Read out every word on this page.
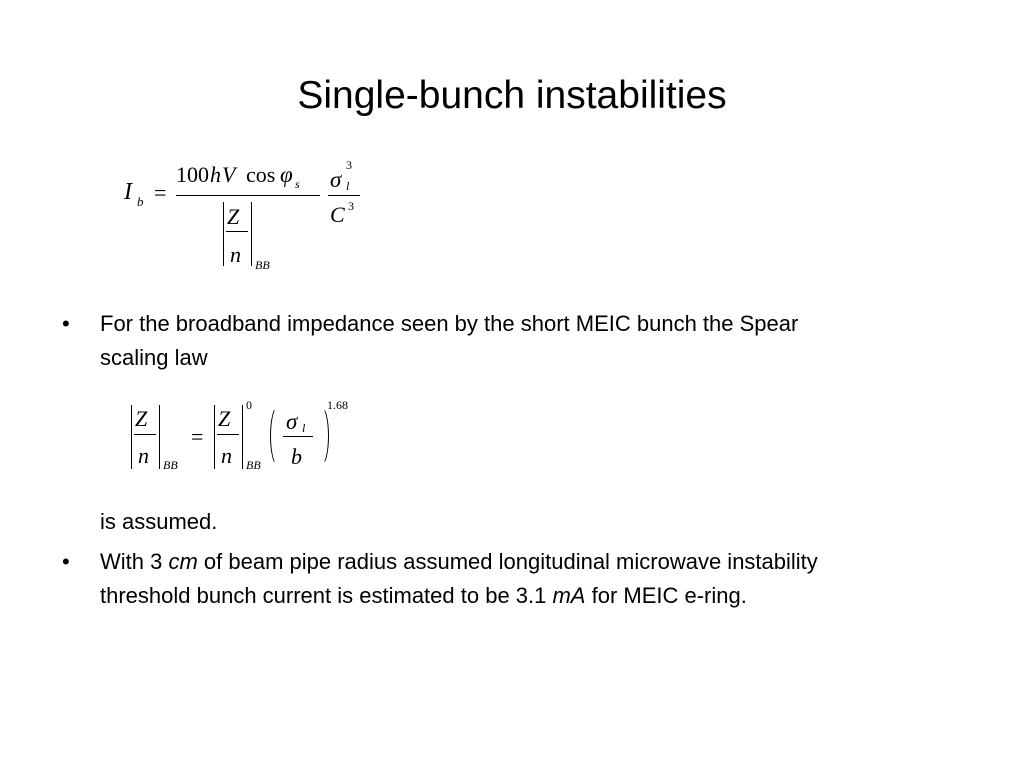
Single-bunch instabilities
I b =
100 h V cos φ s
Z
n BB
σ l
3
C 3
• For the broadband impedance seen by the short MEIC bunch the Spear
scaling law
Z
n BB
=
Z
n
0
BB
σ l
b
1.68
is assumed.
• With 3 cm of beam pipe radius assumed longitudinal microwave instability
threshold bunch current is estimated to be 3.1 mA for MEIC e-ring.
